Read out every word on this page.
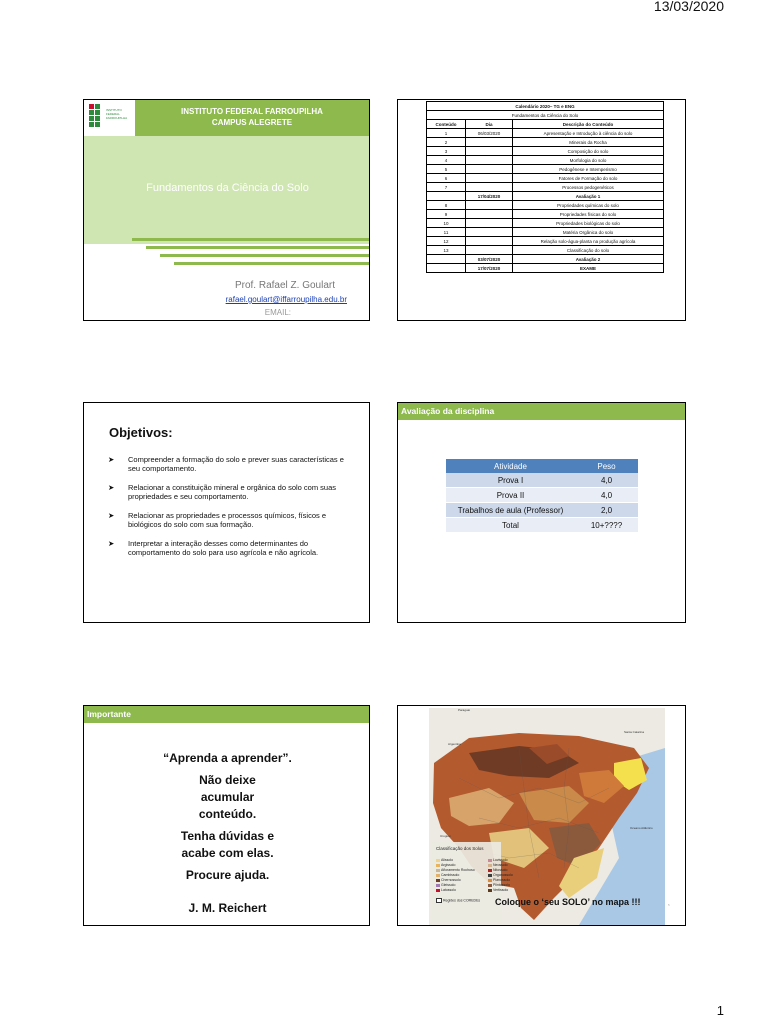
13/03/2020
INSTITUTO FEDERAL FARROUPILHA
INSTITUTO FEDERAL FARROUPILHA
CAMPUS ALEGRETE
Fundamentos da Ciência do Solo
Prof. Rafael Z. Goulart
rafael.goulart@iffarroupilha.edu.br
EMAIL:
Calendário 2020– TG e ENG		
Fundamentos da Ciência do Solo		
Conteúdo	Dia	Descrição do Conteúdo
1	06/03/2020	Apresentação e Introdução à ciência do solo
2		Minerais da Rocha
3		Composição do solo
4		Morfologia do solo
5		Pedogênese e Intemperismo
6		Fatores de Formação do solo
7		Processos pedogenéticos
	17/04/2020	Avaliação 1
8		Propriedades químicas do solo
9		Propriedades físicas do solo
10		Propriedades biológicas do solo
11		Matéria Orgânica do solo
12		Relação solo-água-planta na produção agrícola
13		Classificação do solo
	03/07/2020	Avaliação 2
	17/07/2020	EXAME
Objetivos:
➤ Compreender a formação do solo e prever suas características e seu comportamento.
➤ Relacionar a constituição mineral e orgânica do solo com suas propriedades e seu comportamento.
➤ Relacionar as propriedades e processos químicos, físicos e biológicos do solo com sua formação.
➤ Interpretar a interação desses como determinantes do comportamento do solo para uso agrícola e não agrícola.
Avaliação da disciplina
Atividade	Peso
Prova I	4,0
Prova II	4,0
Trabalhos de aula (Professor)	2,0
Total	10+????
Importante
“Aprenda a aprender”.
Não deixe acumular conteúdo.
Tenha dúvidas e acabe com elas.
Procure ajuda.
J. M. Reichert
Paraguai
Argentina
Santa Catarina
Uruguai
Oceano Atlântico
Classificação dos Solos
Alissolo
Argissolo
Afloramento Rochoso
Cambissolo
Chernossolo
Gleissolo
Latossolo
Luvissolo
Neossolo
Nitossolo
Organossolo
Planossolo
Plintossolo
Vertissolo
Regiões dos COREDEs Coloque o ‘seu SOLO’ no mapa !!!	5
1
